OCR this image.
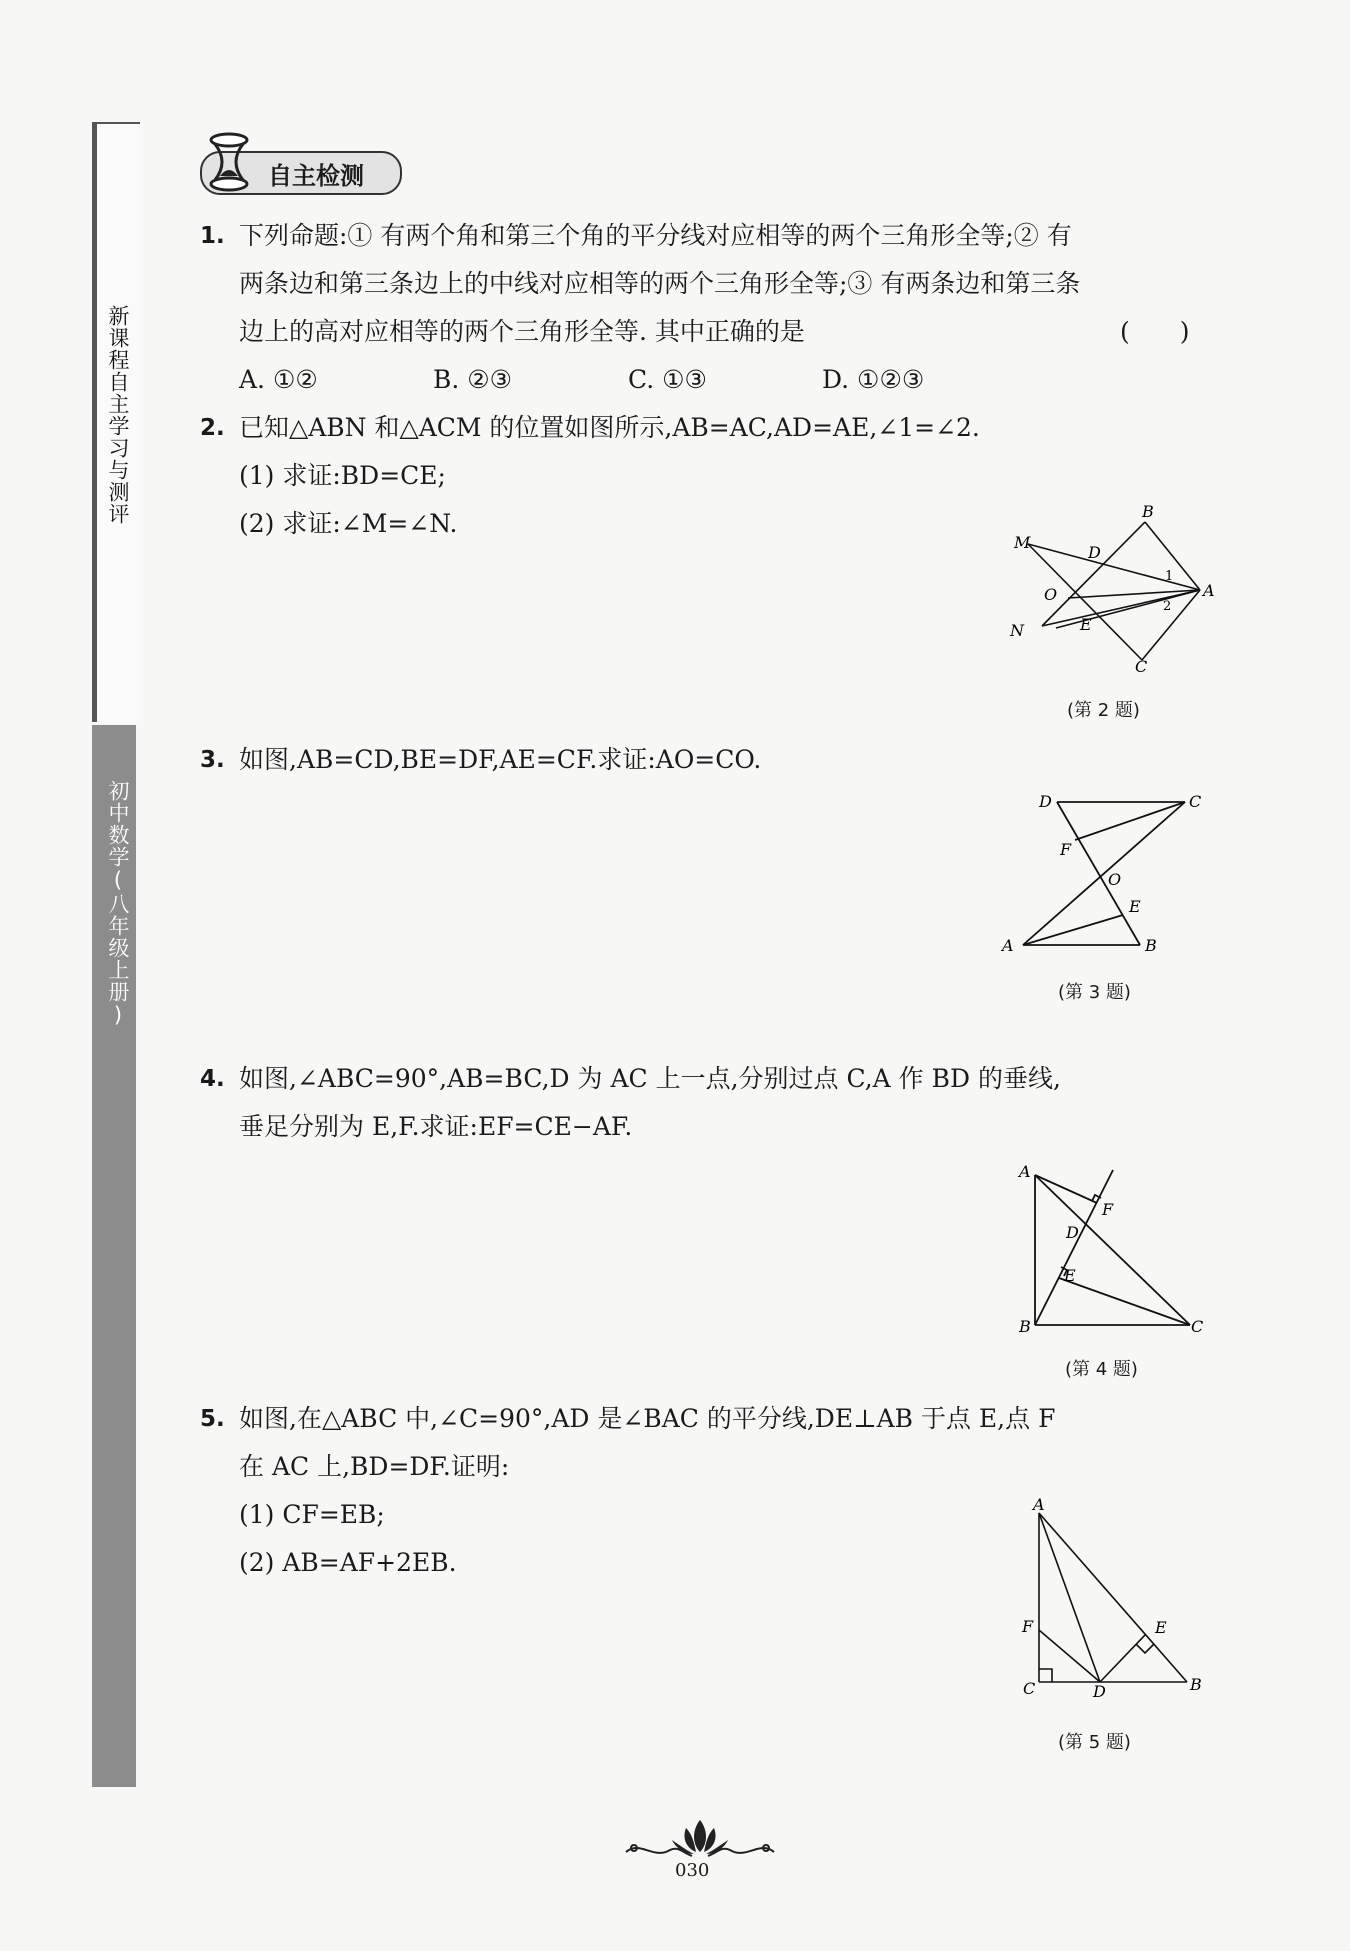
新课程自主学习与测评
初中数学(八年级上册)
自主检测
1. 下列命题:① 有两个角和第三个角的平分线对应相等的两个三角形全等;② 有
两条边和第三条边上的中线对应相等的两个三角形全等;③ 有两条边和第三条
边上的高对应相等的两个三角形全等. 其中正确的是	(　　)
A. ①②	B. ②③	C. ①③	D. ①②③
2. 已知△ABN 和△ACM 的位置如图所示,AB=AC,AD=AE,∠1=∠2.
(1) 求证:BD=CE;
(2) 求证:∠M=∠N.	B
M
D
O
E
N
C
A
1
2
(第 2 题)
3. 如图,AB=CD,BE=DF,AE=CF.求证:AO=CO.
D	C
F
O
E
A	B
(第 3 题)
4. 如图,∠ABC=90°,AB=BC,D 为 AC 上一点,分别过点 C,A 作 BD 的垂线,
垂足分别为 E,F.求证:EF=CE−AF.
A
F
D
E
B	C
(第 4 题)
5. 如图,在△ABC 中,∠C=90°,AD 是∠BAC 的平分线,DE⊥AB 于点 E,点 F
在 AC 上,BD=DF.证明:
(1) CF=EB;
(2) AB=AF+2EB.
A
F	E
C	D	B
(第 5 题)
030
